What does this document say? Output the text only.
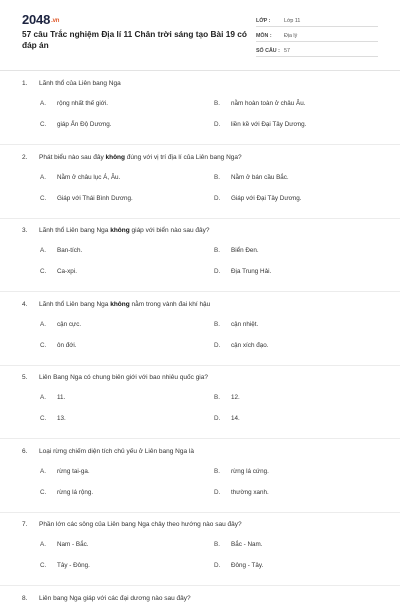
2048.vn
57 câu Trắc nghiệm Địa lí 11 Chân trời sáng tạo Bài 19 có đáp án
LỚP :	Lớp 11
MÔN : Địa lý
SỐ CÂU : 57
1. Lãnh thổ của Liên bang Nga
A. rộng nhất thế giới.	B. nằm hoàn toàn ở châu Âu.
C. giáp Ấn Độ Dương.	D. liền kề với Đại Tây Dương.
2. Phát biểu nào sau đây không đúng với vị trí địa lí của Liên bang Nga?
A. Nằm ở châu lục Á, Âu.	B. Nằm ở bán cầu Bắc.
C. Giáp với Thái Bình Dương.	D. Giáp với Đại Tây Dương.
3. Lãnh thổ Liên bang Nga không giáp với biển nào sau đây?
A. Ban-tích.	B. Biển Đen.
C. Ca-xpi.	D. Địa Trung Hải.
4. Lãnh thổ Liên bang Nga không nằm trong vành đai khí hậu
A. cận cực.	B. cận nhiệt.
C. ôn đới.	D. cận xích đạo.
5. Liên Bang Nga có chung biên giới với bao nhiêu quốc gia?
A. 11.	B. 12.
C. 13.	D. 14.
6. Loại rừng chiếm diện tích chủ yếu ở Liên bang Nga là
A. rừng tai-ga.	B. rừng lá cứng.
C. rừng lá rộng.	D. thường xanh.
7. Phần lớn các sông của Liên bang Nga chảy theo hướng nào sau đây?
A. Nam - Bắc.	B. Bắc - Nam.
C. Tây - Đông.	D. Đông - Tây.
8. Liên bang Nga giáp với các đại dương nào sau đây?
